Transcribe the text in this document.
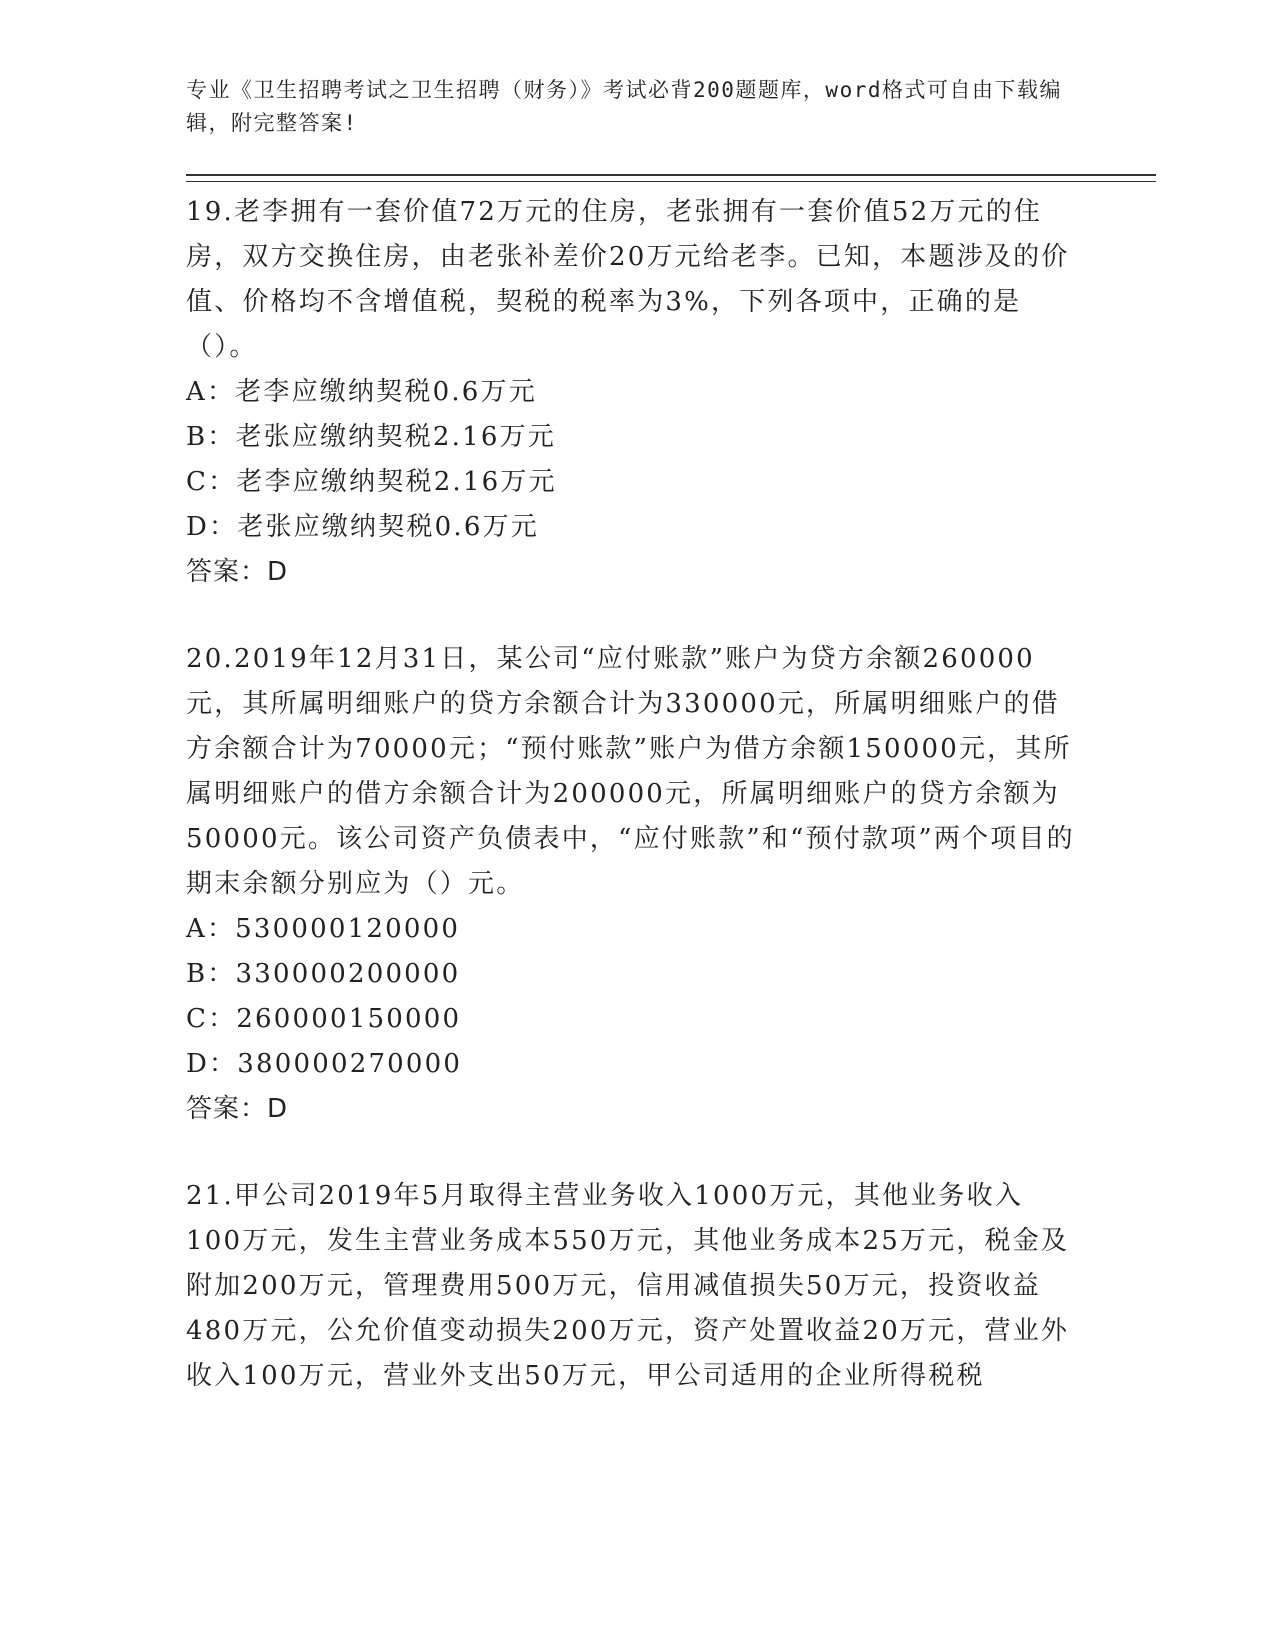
专业《卫生招聘考试之卫生招聘（财务）》考试必背200题题库，word格式可自由下载编辑，附完整答案!

19.老李拥有一套价值72万元的住房，老张拥有一套价值52万元的住房，双方交换住房，由老张补差价20万元给老李。已知，本题涉及的价值、价格均不含增值税，契税的税率为3%，下列各项中，正确的是（）。

A：老李应缴纳契税0.6万元

B：老张应缴纳契税2.16万元

C：老李应缴纳契税2.16万元

D：老张应缴纳契税0.6万元

答案：D

20.2019年12月31日，某公司“应付账款”账户为贷方余额260000元，其所属明细账户的贷方余额合计为330000元，所属明细账户的借方余额合计为70000元；“预付账款”账户为借方余额150000元，其所属明细账户的借方余额合计为200000元，所属明细账户的贷方余额为50000元。该公司资产负债表中，“应付账款”和“预付款项”两个项目的期末余额分别应为（）元。

A：530000120000

B：330000200000

C：260000150000

D：380000270000

答案：D

21.甲公司2019年5月取得主营业务收入1000万元，其他业务收入100万元，发生主营业务成本550万元，其他业务成本25万元，税金及附加200万元，管理费用500万元，信用减值损失50万元，投资收益480万元，公允价值变动损失200万元，资产处置收益20万元，营业外收入100万元，营业外支出50万元，甲公司适用的企业所得税税
